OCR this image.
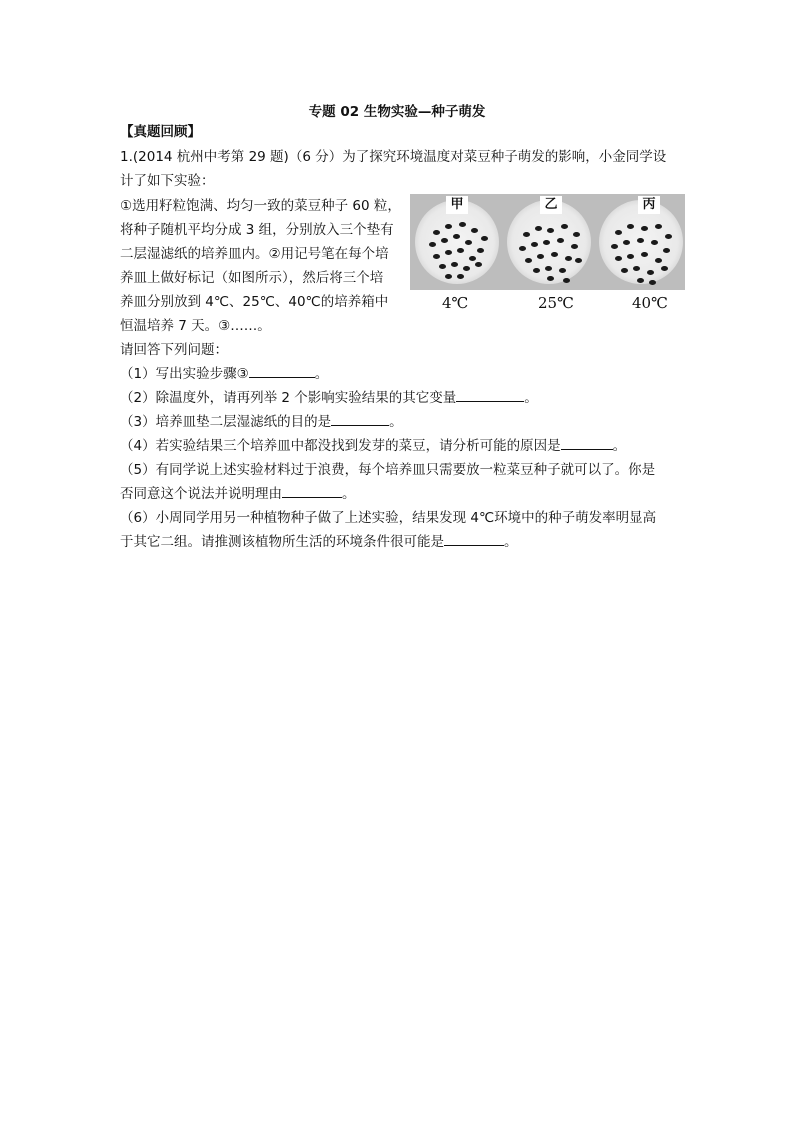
专题 02 生物实验—种子萌发
【真题回顾】
1.(2014 杭州中考第 29 题)（6 分）为了探究环境温度对菜豆种子萌发的影响，小金同学设
计了如下实验：
①选用籽粒饱满、均匀一致的菜豆种子 60 粒，
将种子随机平均分成 3 组，分别放入三个垫有
二层湿滤纸的培养皿内。②用记号笔在每个培
养皿上做好标记（如图所示），然后将三个培
养皿分别放到 4℃、25℃、40℃的培养箱中
恒温培养 7 天。③……。
甲	乙	丙
4℃	25℃	40℃
请回答下列问题：
（1）写出实验步骤③	。
（2）除温度外，请再列举 2 个影响实验结果的其它变量	。
（3）培养皿垫二层湿滤纸的目的是	。
（4）若实验结果三个培养皿中都没找到发芽的菜豆，请分析可能的原因是	。
（5）有同学说上述实验材料过于浪费，每个培养皿只需要放一粒菜豆种子就可以了。你是
否同意这个说法并说明理由	。
（6）小周同学用另一种植物种子做了上述实验，结果发现 4℃环境中的种子萌发率明显高
于其它二组。请推测该植物所生活的环境条件很可能是	。
